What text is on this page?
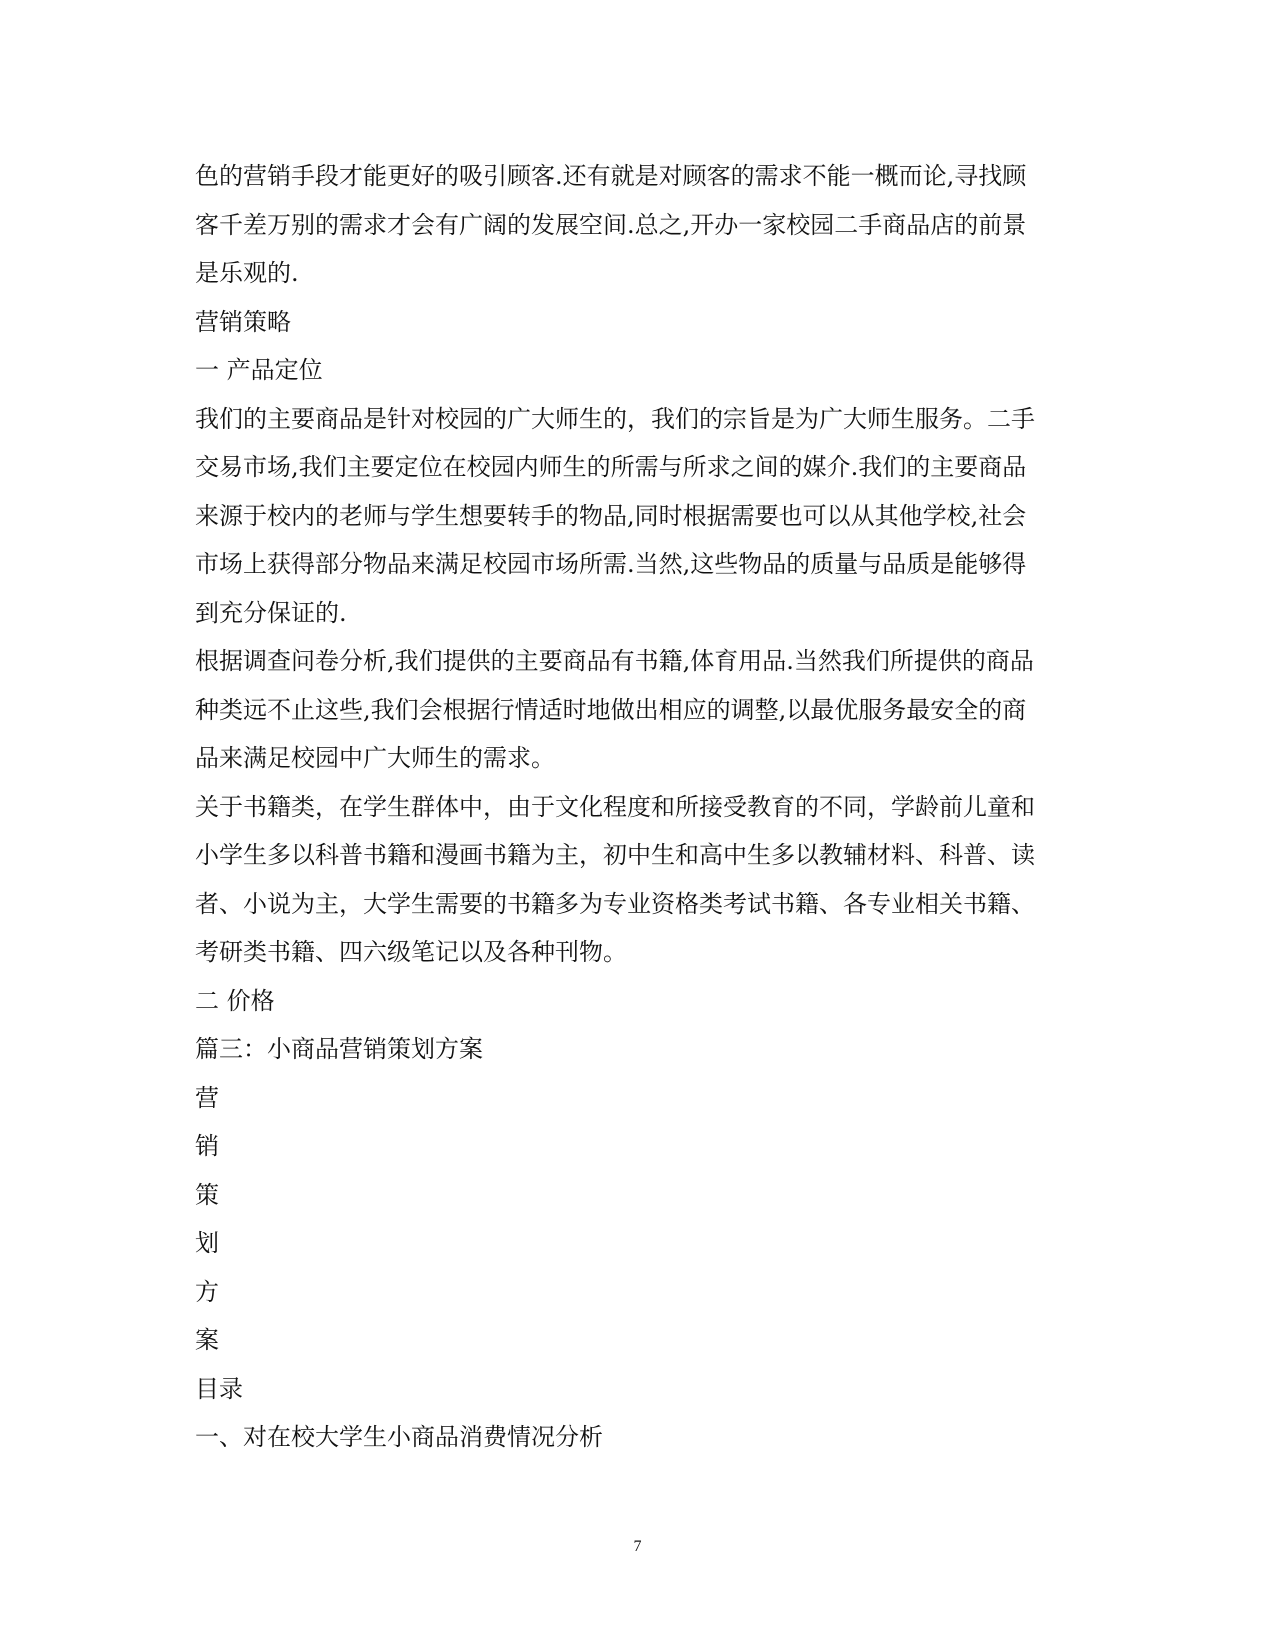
色的营销手段才能更好的吸引顾客.还有就是对顾客的需求不能一概而论,寻找顾
客千差万别的需求才会有广阔的发展空间.总之,开办一家校园二手商品店的前景
是乐观的.
营销策略
一 产品定位
我们的主要商品是针对校园的广大师生的，我们的宗旨是为广大师生服务。二手
交易市场,我们主要定位在校园内师生的所需与所求之间的媒介.我们的主要商品
来源于校内的老师与学生想要转手的物品,同时根据需要也可以从其他学校,社会
市场上获得部分物品来满足校园市场所需.当然,这些物品的质量与品质是能够得
到充分保证的.
根据调查问卷分析,我们提供的主要商品有书籍,体育用品.当然我们所提供的商品
种类远不止这些,我们会根据行情适时地做出相应的调整,以最优服务最安全的商
品来满足校园中广大师生的需求。
关于书籍类，在学生群体中，由于文化程度和所接受教育的不同，学龄前儿童和
小学生多以科普书籍和漫画书籍为主，初中生和高中生多以教辅材料、科普、读
者、小说为主，大学生需要的书籍多为专业资格类考试书籍、各专业相关书籍、
考研类书籍、四六级笔记以及各种刊物。
二 价格
篇三：小商品营销策划方案
营
销
策
划
方
案
目录
一、对在校大学生小商品消费情况分析
7
